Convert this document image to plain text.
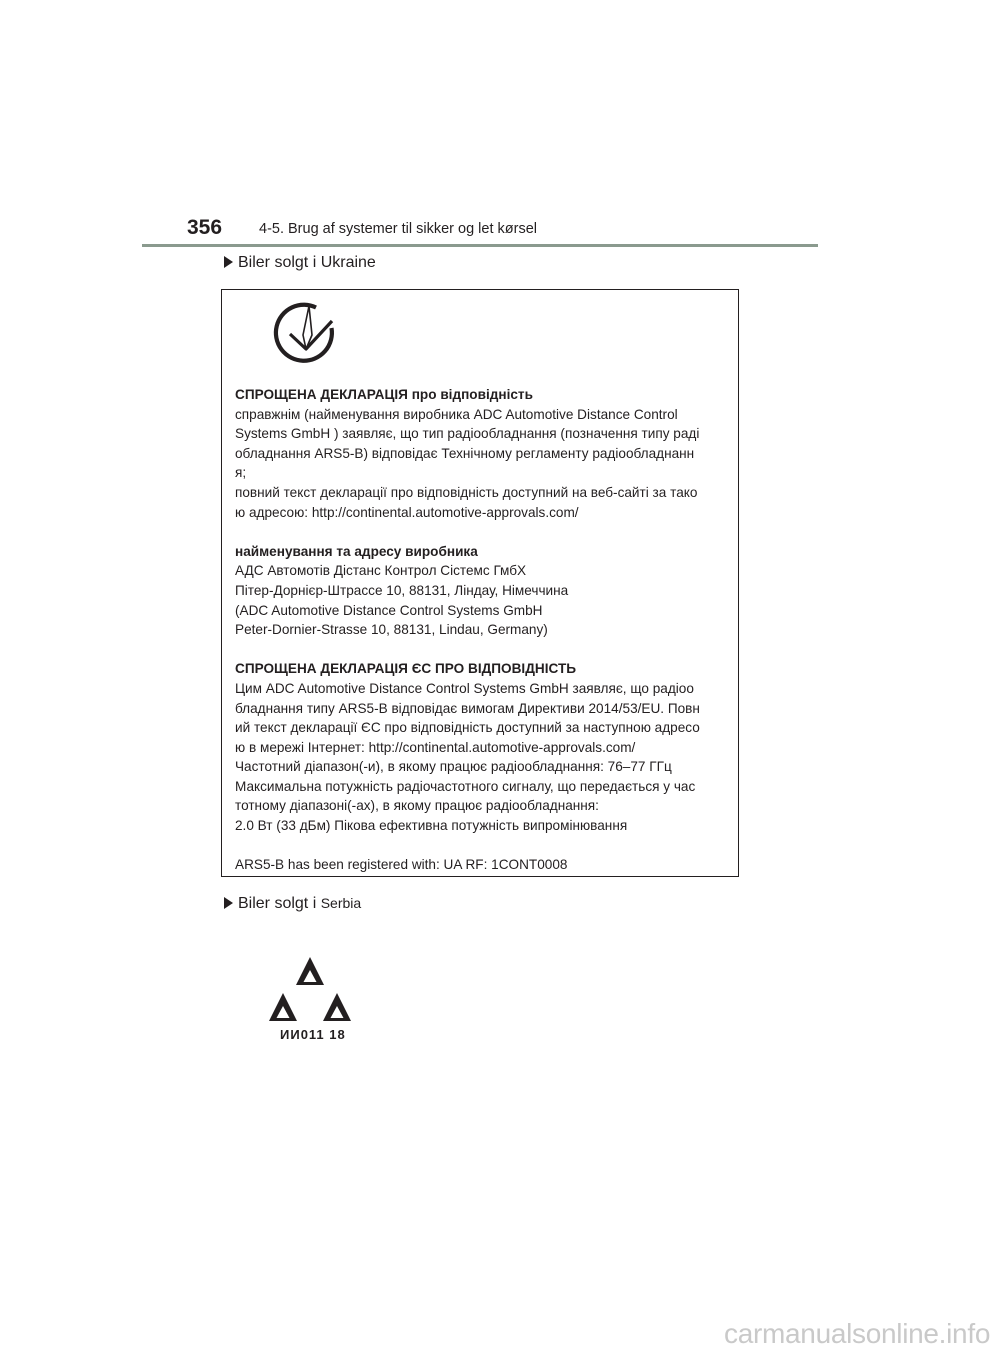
356	4-5. Brug af systemer til sikker og let kørsel
Biler solgt i Ukraine
СПРОЩЕНА ДЕКЛАРАЦІЯ про відповідність
справжнім (найменування виробника ADC Automotive Distance Control
Systems GmbH ) заявляє, що тип радіообладнання (позначення типу раді
обладнання ARS5-B) відповідає Технічному регламенту радіообладнанн
я;
повний текст декларації про відповідність доступний на веб-сайті за тако
ю адресою: http://continental.automotive-approvals.com/
найменування та адресу виробника
АДС Автомотів Дістанс Контрол Сістемс ГмбХ
Пітер-Дорнієр-Штрассе 10, 88131, Ліндау, Німеччина
(ADC Automotive Distance Control Systems GmbH
Peter-Dornier-Strasse 10, 88131, Lindau, Germany)
СПРОЩЕНА ДЕКЛАРАЦІЯ ЄС ПРО ВІДПОВІДНІСТЬ
Цим ADC Automotive Distance Control Systems GmbH заявляє, що радіоо
бладнання типу ARS5-B відповідає вимогам Директиви 2014/53/EU. Повн
ий текст декларації ЄС про відповідність доступний за наступною адресо
ю в мережі Інтернет: http://continental.automotive-approvals.com/
Частотний діапазон(-и), в якому працює радіообладнання: 76–77 ГГц
Максимальна потужність радіочастотного сигналу, що передається у час
тотному діапазоні(-ах), в якому працює радіообладнання:
2.0 Вт (33 дБм) Пікова ефективна потужність випромінювання
ARS5-B has been registered with: UA RF: 1CONT0008
Biler solgt i Serbia
ИИ011 18
carmanualsonline.info
